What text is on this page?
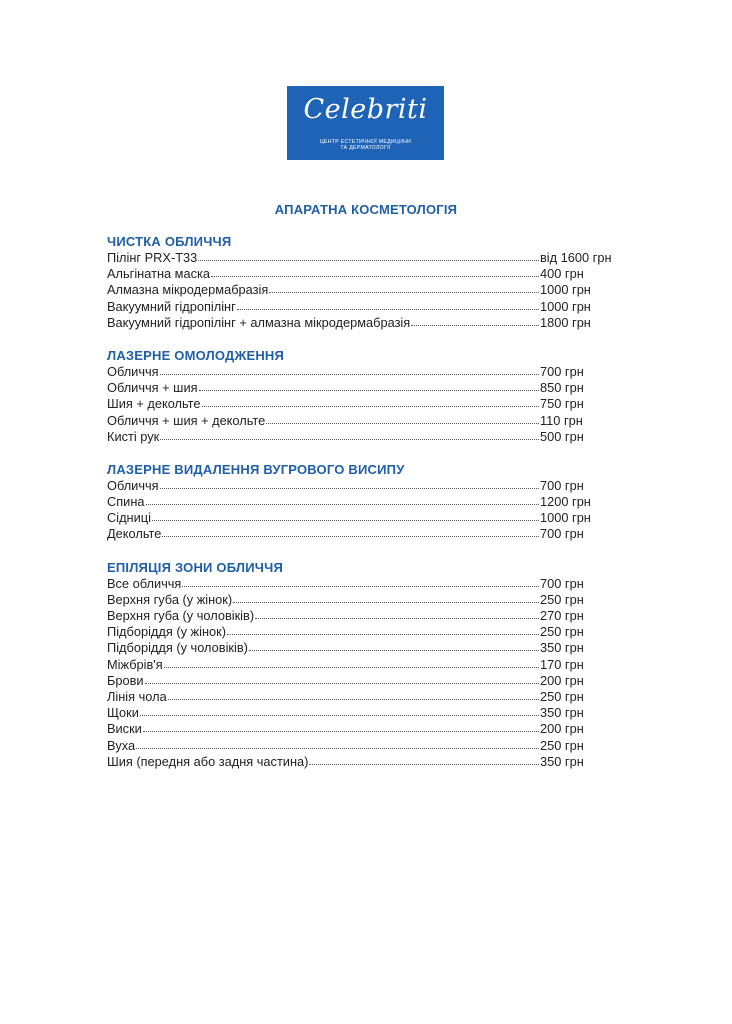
Celebriti
ЦЕНТР ЕСТЕТИЧНОЇ МЕДИЦИНИ
ТА ДЕРМАТОЛОГІЇ
АПАРАТНА КОСМЕТОЛОГІЯ
ЧИСТКА ОБЛИЧЧЯ
Пілінг PRX-T33	від 1600 грн
Альгінатна маска	400 грн
Алмазна мікродермабразія	1000 грн
Вакуумний гідропілінг	1000 грн
Вакуумний гідропілінг + алмазна мікродермабразія	1800 грн
ЛАЗЕРНЕ ОМОЛОДЖЕННЯ
Обличчя	700 грн
Обличчя + шия	850 грн
Шия + декольте	750 грн
Обличчя + шия + декольте	110 грн
Кисті рук	500 грн
ЛАЗЕРНЕ ВИДАЛЕННЯ ВУГРОВОГО ВИСИПУ
Обличчя	700 грн
Спина	1200 грн
Сідниці	1000 грн
Декольте	700 грн
ЕПІЛЯЦІЯ ЗОНИ ОБЛИЧЧЯ
Все обличчя	700 грн
Верхня губа (у жінок)	250 грн
Верхня губа (у чоловіків)	270 грн
Підборіддя (у жінок)	250 грн
Підборіддя (у чоловіків)	350 грн
Міжбрів'я	170 грн
Брови	200 грн
Лінія чола	250 грн
Щоки	350 грн
Виски	200 грн
Вуха	250 грн
Шия (передня або задня частина)	350 грн
